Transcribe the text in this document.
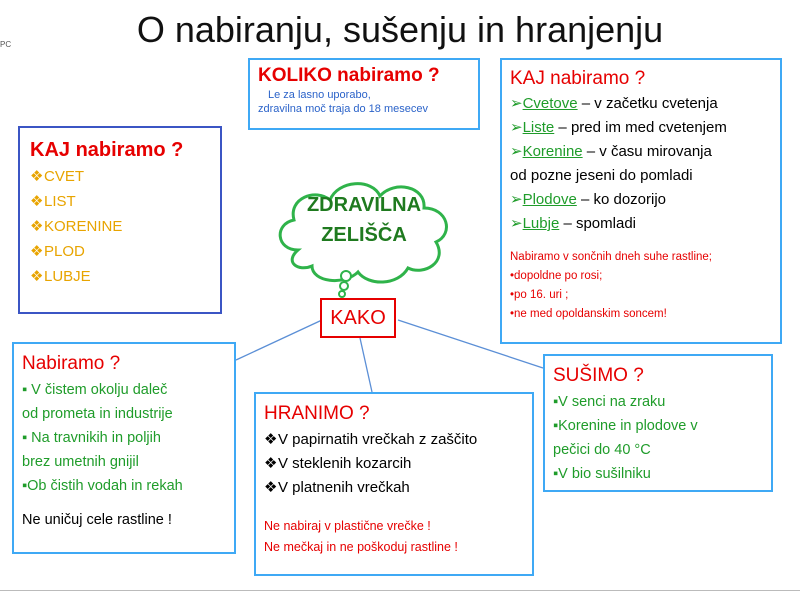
O nabiranju, sušenju in hranjenju
PC
ZDRAVILNA
ZELIŠČA
KAKO
KOLIKO nabiramo ?
Le za lasno uporabo,
zdravilna moč traja do 18 mesecev
KAJ nabiramo ?
❖CVET
❖LIST
❖KORENINE
❖PLOD
❖LUBJE
KAJ nabiramo ?
➢Cvetove – v začetku cvetenja
➢Liste – pred im med cvetenjem
➢Korenine – v času mirovanja
od pozne jeseni do pomladi
➢Plodove – ko dozorijo
➢Lubje – spomladi
Nabiramo v sončnih dneh suhe rastline;
•dopoldne po rosi;
•po 16. uri ;
•ne med opoldanskim soncem!
Nabiramo ?
▪ V čistem okolju daleč
od prometa in industrije
▪ Na travnikih in poljih
brez umetnih gnijil
▪Ob čistih vodah in rekah
Ne uničuj cele rastline !
HRANIMO ?
❖V papirnatih vrečkah z zaščito
❖V steklenih kozarcih
❖V platnenih vrečkah
Ne nabiraj v plastične vrečke !
Ne mečkaj in ne poškoduj rastline !
SUŠIMO ?
▪V senci na zraku
▪Korenine in plodove v
pečici do 40 °C
▪V bio sušilniku
